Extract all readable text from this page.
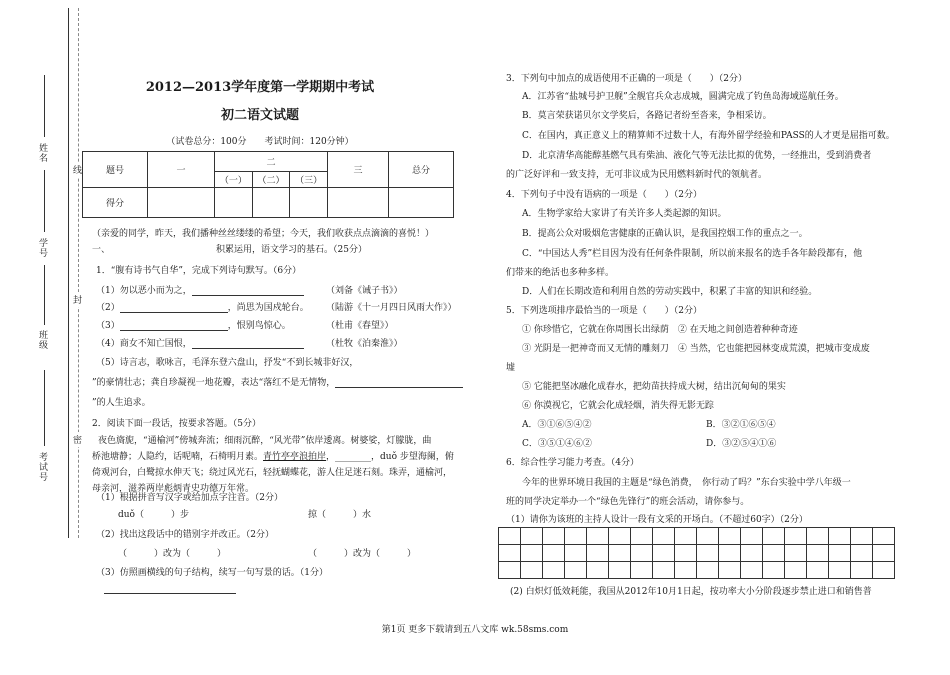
姓名
学号
班级
考试号
线
封
密
2012—2013学年度第一学期期中考试
初二语文试题
（试卷总分：100分　　考试时间：120分钟）
题号	一	二			三	总分
		（一）	（二）	（三）		
得分						
（亲爱的同学，昨天，我们播种丝丝缕缕的希望；今天，我们收获点点滴滴的喜悦！）
一、	积累运用，语文学习的基石。（25分）
1．“腹有诗书气自华”，完成下列诗句默写。（6分）
（1）勿以恶小而为之，	（刘备《诫子书》）
（2）	，尚思为国戍轮台。 （陆游《十一月四日风雨大作》）
（3）	，恨别鸟惊心。	（杜甫《春望》）
（4）商女不知亡国恨，	（杜牧《泊秦淮》）
（5）诗言志，歌咏言，毛泽东登六盘山，抒发“不到长城非好汉，
”的豪情壮志；龚自珍凝视一地花瓣，表达“落红不是无情物，
”的人生追求。
2．阅读下面一段话，按要求答题。（5分）
夜色旖旎，“通榆河”傍城奔流；细雨沉醉，“风光带”依岸逶离。树婆娑，灯朦胧，曲
桥池塘静；人隐约，话呢喃，石椅明月素。青竹亭亭浪拍岸，________，duǒ 步望海阑，俯
倚观河台，白鹭掠水伸天飞；绕过风光石，轻抚蝴蝶花，游人住足迷石刻。珠弄，通榆河，
母亲河，滋养两岸彪炳青史功德万年常。
（1）根据拼音写汉字或给加点字注音。（2分）
duǒ（　　　）步	掠（　　　）水
（2）找出这段话中的错别字并改正。（2分）
（　　　）改为（　　　）	（　　　）改为（　　　）
（3）仿照画横线的句子结构，续写一句写景的话。（1分）
3．下列句中加点的成语使用不正确的一项是（　　）（2分）
A．江苏省“盐城号护卫舰”全舰官兵众志成城，圆满完成了钓鱼岛海域巡航任务。
B．莫言荣获诺贝尔文学奖后，各路记者纷至沓来，争相采访。
C．在国内，真正意义上的精算师不过数十人，有海外留学经验和PASS的人才更是屈指可数。
D．北京清华高能醇基燃气具有柴油、液化气等无法比拟的优势，一经推出，受到消费者
的广泛好评和一致支持，无可非议成为民用燃料新时代的领航者。
4．下列句子中没有语病的一项是（　　）（2分）
A．生物学家给大家讲了有关许多人类起源的知识。
B．提高公众对吸烟危害健康的正确认识，是我国控烟工作的重点之一。
C．“中国达人秀”栏目因为没有任何条件限制，所以前来报名的选手各年龄段都有，他
们带来的绝活也多种多样。
D．人们在长期改造和利用自然的劳动实践中，积累了丰富的知识和经验。
5．下列选项排序最恰当的一项是（　　）（2分）
① 你珍惜它，它就在你周围长出绿荫　② 在天地之间创造着种种奇迹
③ 光阴是一把神奇而又无情的雕刻刀　④ 当然，它也能把园林变成荒漠，把城市变成废
墟
⑤ 它能把坚冰融化成春水，把幼苗扶持成大树，结出沉甸甸的果实
⑥ 你漠视它，它就会化成轻烟，消失得无影无踪
A．③①⑥⑤④②	B．③②①⑥⑤④
C．③⑤①④⑥②	D．③②⑤④①⑥
6．综合性学习能力考查。（4分）
今年的世界环境日我国的主题是“绿色消费，　你行动了吗？”东台实验中学八年级一
班的同学决定举办一个“绿色先锋行”的班会活动，请你参与。
（1）请你为该班的主持人设计一段有文采的开场白。（不超过60字）（2分）

(2) 白炽灯低效耗能，我国从2012年10月1日起，按功率大小分阶段逐步禁止进口和销售普
第1页 更多下载请到五八文库 wk.58sms.com
